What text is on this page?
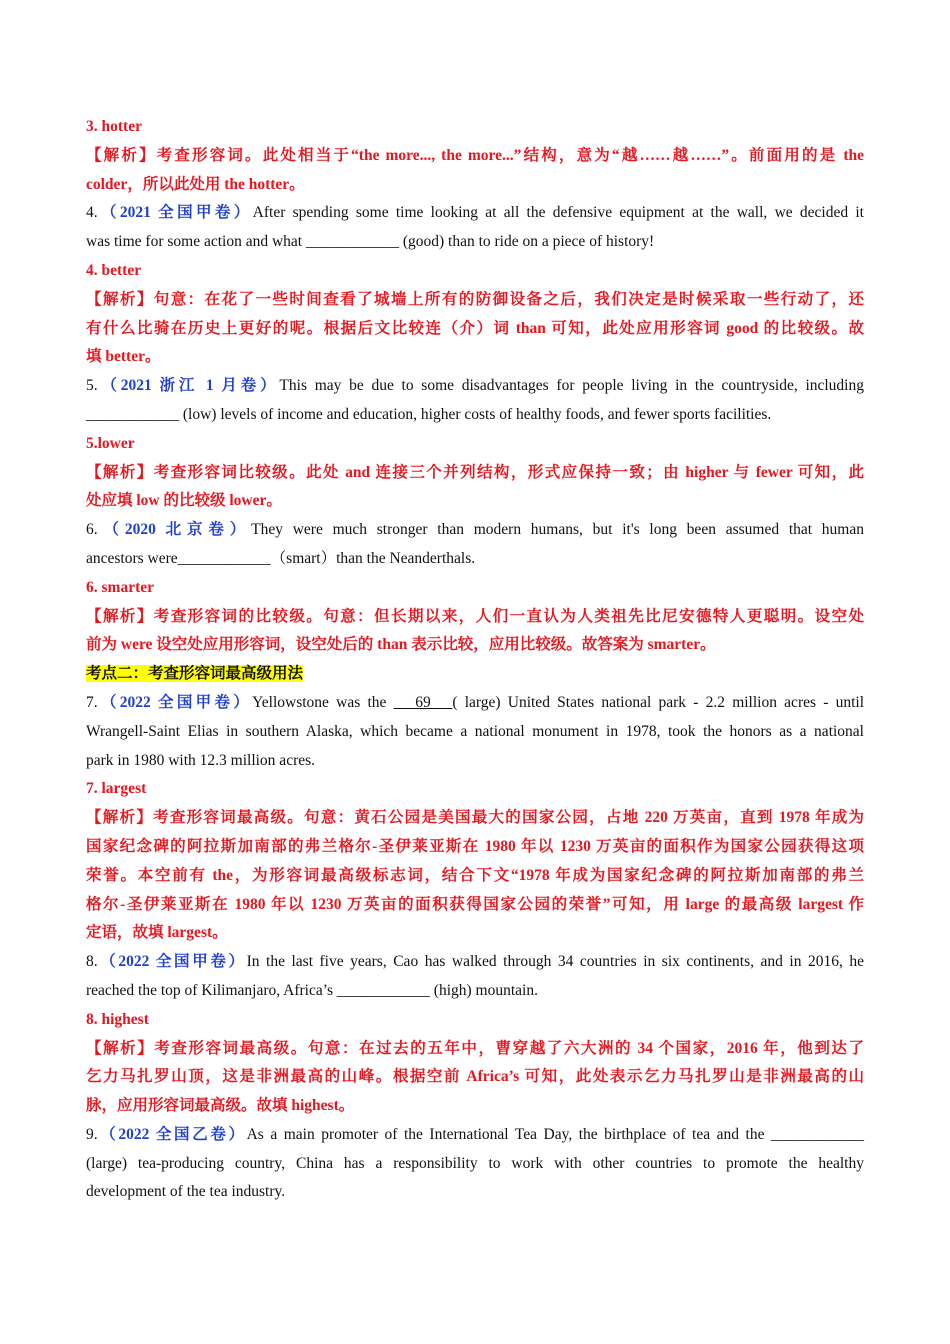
3. hotter
【解析】考查形容词。此处相当于“the more..., the more...”结构，意为“越……越……”。前面用的是 the
colder，所以此处用 the hotter。
4.（2021 全国甲卷）After spending some time looking at all the defensive equipment at the wall, we decided it
was time for some action and what ____________ (good) than to ride on a piece of history!
4. better
【解析】句意：在花了一些时间查看了城墙上所有的防御设备之后，我们决定是时候采取一些行动了，还
有什么比骑在历史上更好的呢。根据后文比较连（介）词 than 可知，此处应用形容词 good 的比较级。故
填 better。
5.（2021 浙江 1 月卷）This may be due to some disadvantages for people living in the countryside, including
____________ (low) levels of income and education, higher costs of healthy foods, and fewer sports facilities.
5.lower
【解析】考查形容词比较级。此处 and 连接三个并列结构，形式应保持一致；由 higher 与 fewer 可知，此
处应填 low 的比较级 lower。
6.（2020 北京卷）They were much stronger than modern humans, but it's long been assumed that human
ancestors were____________（smart）than the Neanderthals.
6. smarter
【解析】考查形容词的比较级。句意：但长期以来，人们一直认为人类祖先比尼安德特人更聪明。设空处
前为 were 设空处应用形容词，设空处后的 than 表示比较，应用比较级。故答案为 smarter。
考点二：考查形容词最高级用法
7.（2022 全国甲卷）Yellowstone was the    69   ( large) United States national park - 2.2 million acres - until
Wrangell-Saint Elias in southern Alaska, which became a national monument in 1978, took the honors as a national
park in 1980 with 12.3 million acres.
7. largest
【解析】考查形容词最高级。句意：黄石公园是美国最大的国家公园，占地 220 万英亩，直到 1978 年成为
国家纪念碑的阿拉斯加南部的弗兰格尔-圣伊莱亚斯在 1980 年以 1230 万英亩的面积作为国家公园获得这项
荣誉。本空前有 the，为形容词最高级标志词，结合下文“1978 年成为国家纪念碑的阿拉斯加南部的弗兰
格尔-圣伊莱亚斯在 1980 年以 1230 万英亩的面积获得国家公园的荣誉”可知，用 large 的最高级 largest 作
定语，故填 largest。
8.（2022 全国甲卷）In the last five years, Cao has walked through 34 countries in six continents, and in 2016, he
reached the top of Kilimanjaro, Africa’s ____________ (high) mountain.
8. highest
【解析】考查形容词最高级。句意：在过去的五年中，曹穿越了六大洲的 34 个国家，2016 年，他到达了
乞力马扎罗山顶，这是非洲最高的山峰。根据空前 Africa’s 可知，此处表示乞力马扎罗山是非洲最高的山
脉，应用形容词最高级。故填 highest。
9.（2022 全国乙卷）As a main promoter of the International Tea Day, the birthplace of tea and the ____________
(large) tea-producing country, China has a responsibility to work with other countries to promote the healthy
development of the tea industry.
